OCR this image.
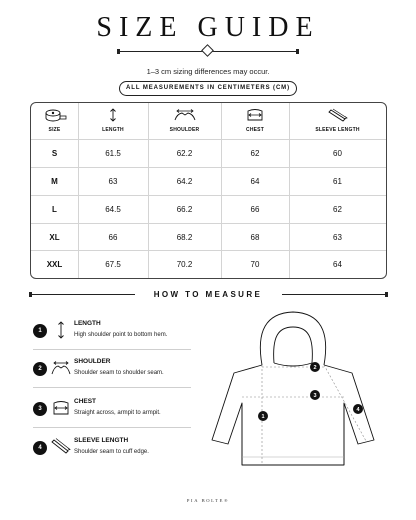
SIZE GUIDE
1–3 cm sizing differences may occur.
ALL MEASUREMENTS IN CENTIMETERS (CM)
SIZE	LENGTH	SHOULDER	CHEST	SLEEVE LENGTH
S	61.5	62.2	62	60
M	63	64.2	64	61
L	64.5	66.2	66	62
XL	66	68.2	68	63
XXL	67.5	70.2	70	64
HOW TO MEASURE
1
LENGTH
High shoulder point to bottom hem.
2
SHOULDER
Shoulder seam to shoulder seam.
3
CHEST
Straight across, armpit to armpit.
4
SLEEVE LENGTH
Shoulder seam to cuff edge.
1
2
3
4
PIA BOLTE®
